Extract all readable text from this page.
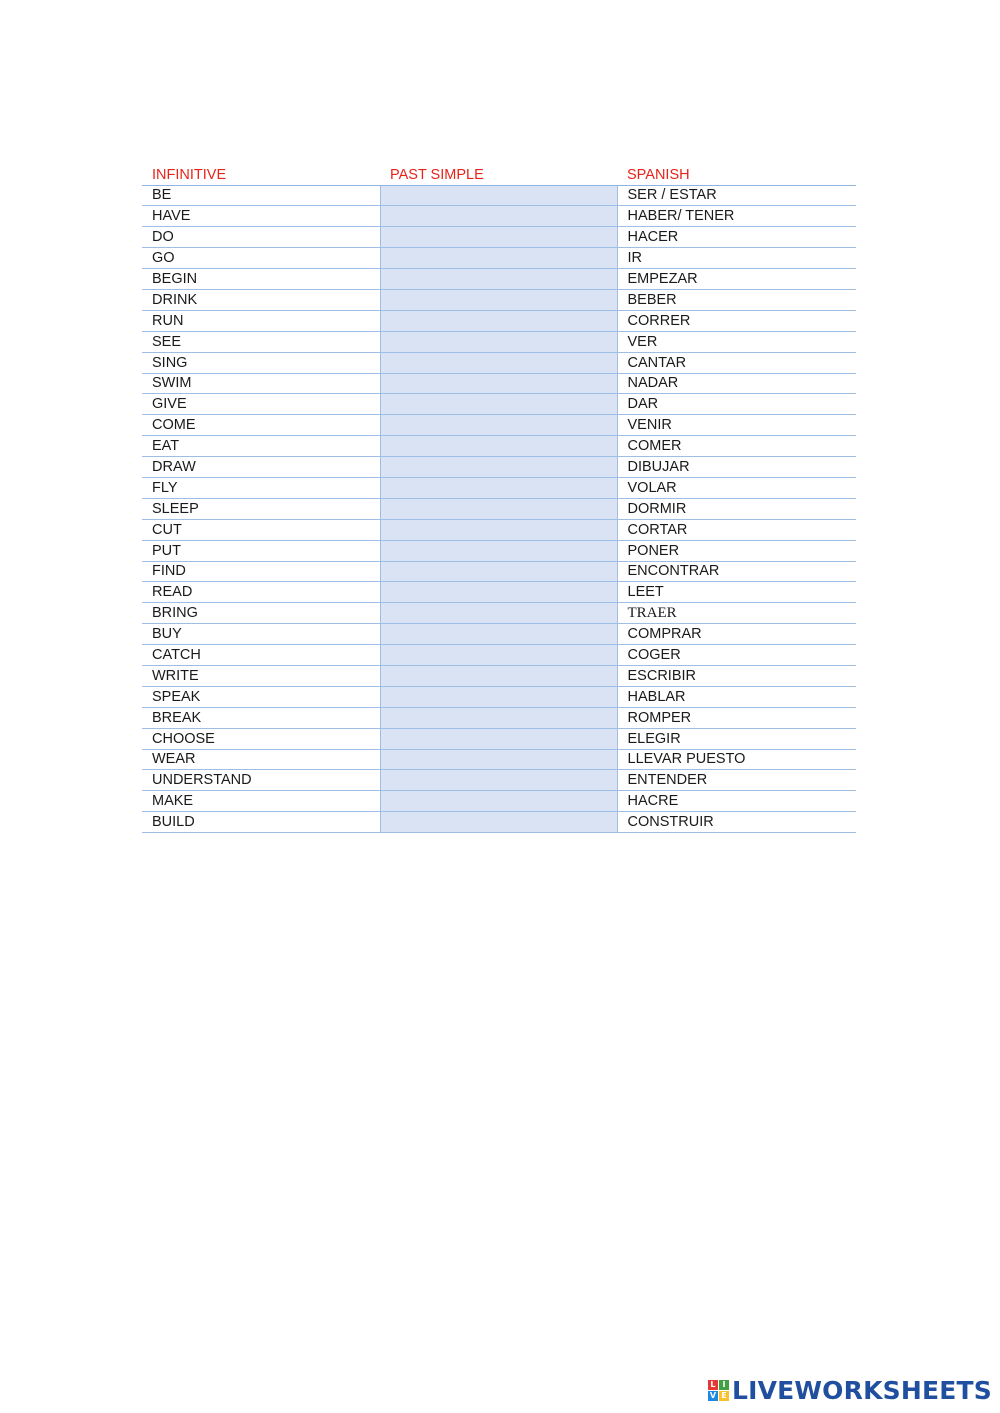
INFINITIVE	PAST SIMPLE	SPANISH
BE		SER / ESTAR
HAVE		HABER/ TENER
DO		HACER
GO		IR
BEGIN		EMPEZAR
DRINK		BEBER
RUN		CORRER
SEE		VER
SING		CANTAR
SWIM		NADAR
GIVE		DAR
COME		VENIR
EAT		COMER
DRAW		DIBUJAR
FLY		VOLAR
SLEEP		DORMIR
CUT		CORTAR
PUT		PONER
FIND		ENCONTRAR
READ		LEET
BRING		TRAER
BUY		COMPRAR
CATCH		COGER
WRITE		ESCRIBIR
SPEAK		HABLAR
BREAK		ROMPER
CHOOSE		ELEGIR
WEAR		LLEVAR PUESTO
UNDERSTAND		ENTENDER
MAKE		HACRE
BUILD		CONSTRUIR
L I
V E LIVEWORKSHEETS
